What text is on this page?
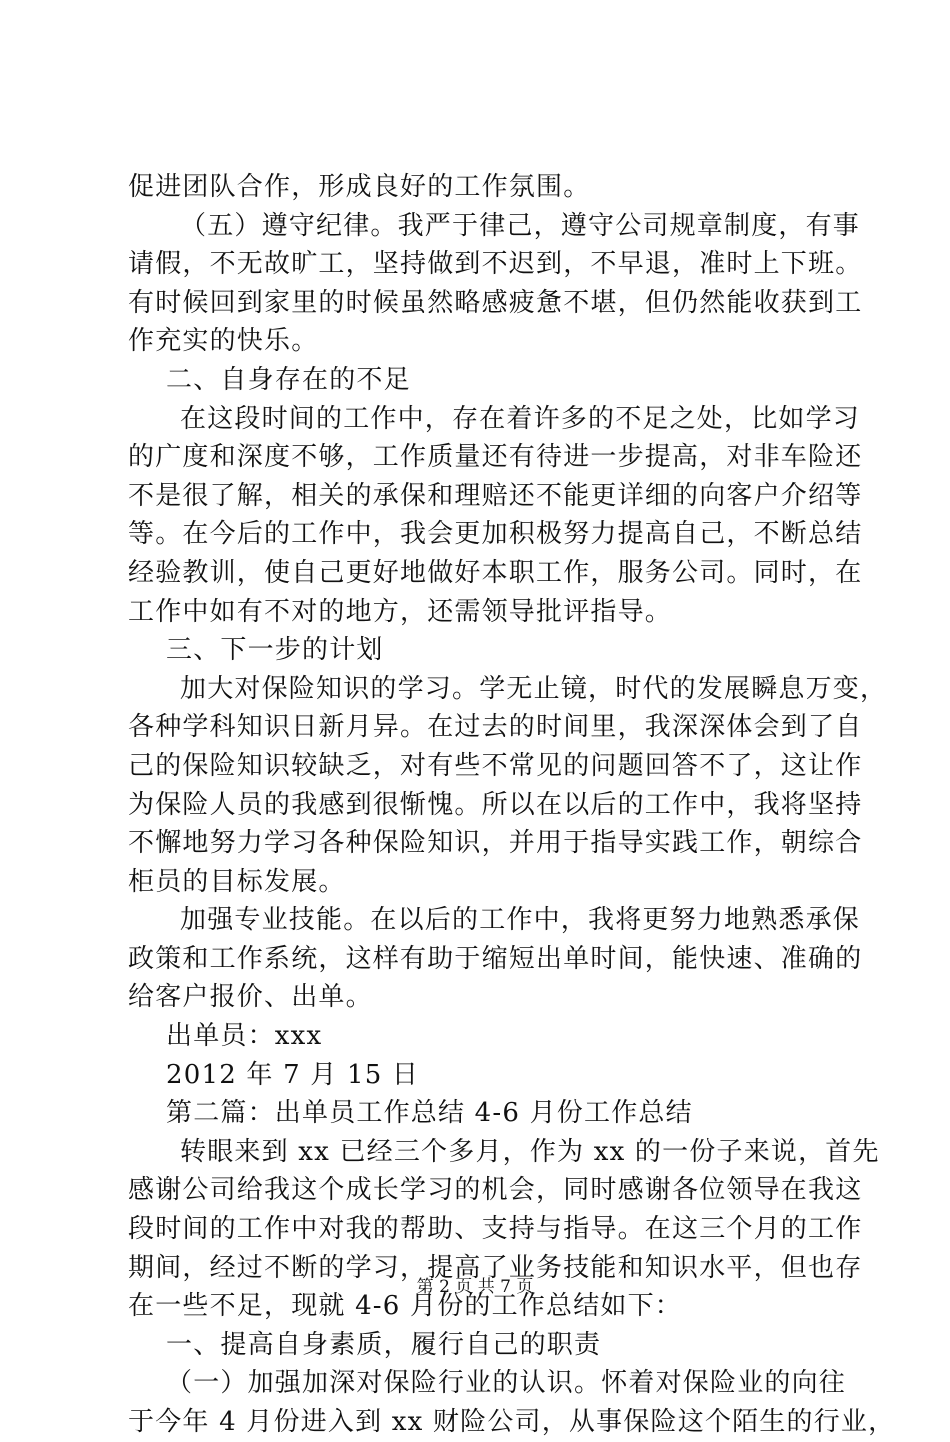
促进团队合作，形成良好的工作氛围。
（五）遵守纪律。我严于律己，遵守公司规章制度，有事
请假，不无故旷工，坚持做到不迟到，不早退，准时上下班。
有时候回到家里的时候虽然略感疲惫不堪，但仍然能收获到工
作充实的快乐。
二、自身存在的不足
在这段时间的工作中，存在着许多的不足之处，比如学习
的广度和深度不够，工作质量还有待进一步提高，对非车险还
不是很了解，相关的承保和理赔还不能更详细的向客户介绍等
等。在今后的工作中，我会更加积极努力提高自己，不断总结
经验教训，使自己更好地做好本职工作，服务公司。同时，在
工作中如有不对的地方，还需领导批评指导。
三、下一步的计划
加大对保险知识的学习。学无止镜，时代的发展瞬息万变，
各种学科知识日新月异。在过去的时间里，我深深体会到了自
己的保险知识较缺乏，对有些不常见的问题回答不了，这让作
为保险人员的我感到很惭愧。所以在以后的工作中，我将坚持
不懈地努力学习各种保险知识，并用于指导实践工作，朝综合
柜员的目标发展。
加强专业技能。在以后的工作中，我将更努力地熟悉承保
政策和工作系统，这样有助于缩短出单时间，能快速、准确的
给客户报价、出单。
出单员：xxx
2012 年 7 月 15 日
第二篇：出单员工作总结 4-6 月份工作总结
转眼来到 xx 已经三个多月，作为 xx 的一份子来说，首先
感谢公司给我这个成长学习的机会，同时感谢各位领导在我这
段时间的工作中对我的帮助、支持与指导。在这三个月的工作
期间，经过不断的学习，提高了业务技能和知识水平，但也存
在一些不足，现就 4-6 月份的工作总结如下：
一、提高自身素质，履行自己的职责
（一）加强加深对保险行业的认识。怀着对保险业的向往
于今年 4 月份进入到 xx 财险公司，从事保险这个陌生的行业，
第 2 页 共 7 页
